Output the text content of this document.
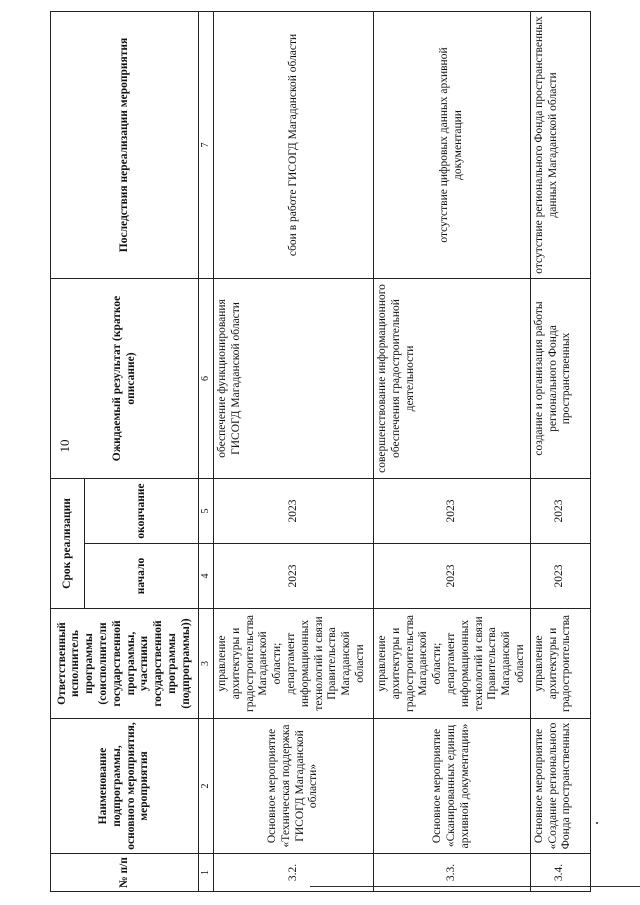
10
№ п/п	Наименование подпрограммы, основного мероприятия, мероприятия	Ответственный исполнитель программы (соисполнители государственной программы, участники государственной программы (подпрограммы))	Срок реализации		Ожидаемый результат (краткое описание)	Последствия нереализации мероприятия
			начало	окончание		
1	2	3	4	5	6	7
3.2.	Основное мероприятие «Техническая поддержка ГИСОГД Магаданской области»	управление архитектуры и градостроительства Магаданской области; департамент информационных технологий и связи Правительства Магаданской области	2023	2023	обеспечение функционирования ГИСОГД Магаданской области	сбои в работе ГИСОГД Магаданской области
3.3.	Основное мероприятие «Сканированных единиц архивной документации»	управление архитектуры и градостроительства Магаданской области; департамент информационных технологий и связи Правительства Магаданской области	2023	2023	совершенствование информационного обеспечения градостроительной деятельности	отсутствие цифровых данных архивной документации
3.4.	Основное мероприятие «Создание регионального Фонда пространственных	управление архитектуры и градостроительства	2023	2023	создание и организация работы регионального Фонда пространственных	отсутствие регионального Фонда пространственных данных Магаданской области
